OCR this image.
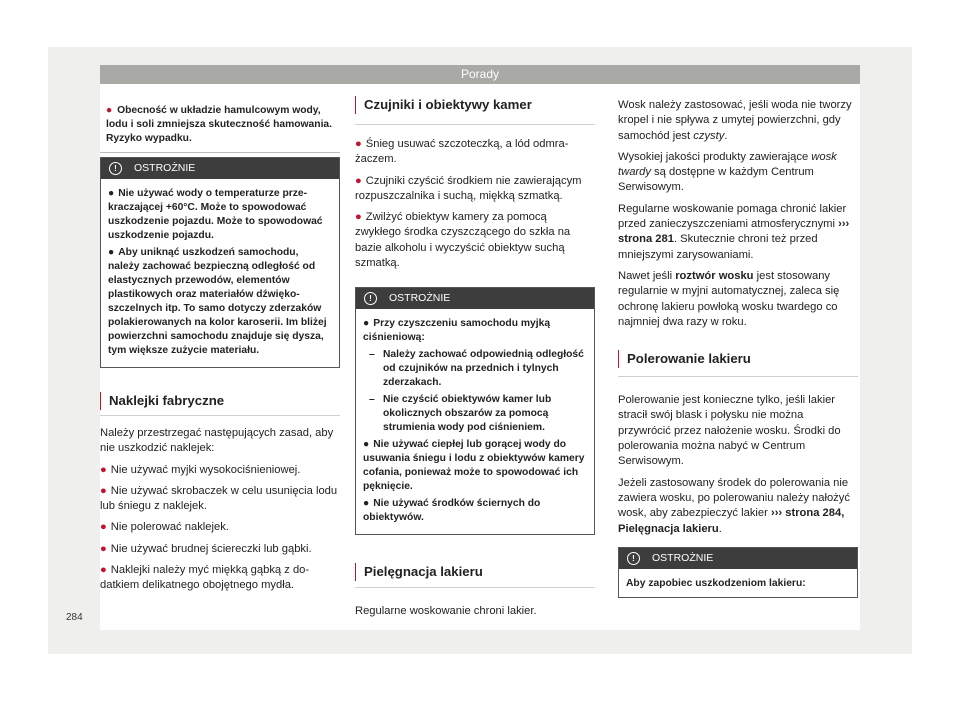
Porady

● Obecność w układzie hamulcowym wody, lodu i soli zmniejsza skuteczność hamowania. Ryzyko wypadku.

!	OSTROŻNIE
● Nie używać wody o temperaturze przekraczającej +60°C. Może to spowodować uszkodzenie pojazdu. Może to spowodować uszkodzenie pojazdu.
● Aby uniknąć uszkodzeń samochodu, należy zachować bezpieczną odległość od elastycznych przewodów, elementów plastikowych oraz materiałów dźwiękoszczelnych itp. To samo dotyczy zderzaków polakierowanych na kolor karoserii. Im bliżej powierzchni samochodu znajduje się dysza, tym większe zużycie materiału.
Naklejki fabryczne

Należy przestrzegać następujących zasad, aby nie uszkodzić naklejek:

● Nie używać myjki wysokociśnieniowej.
● Nie używać skrobaczek w celu usunięcia lodu lub śniegu z naklejek.
● Nie polerować naklejek.
● Nie używać brudnej ściereczki lub gąbki.
● Naklejki należy myć miękką gąbką z dodatkiem delikatnego obojętnego mydła.
Czujniki i obiektywy kamer
● Śnieg usuwać szczoteczką, a lód odmrażaczem.
● Czujniki czyścić środkiem nie zawierającym rozpuszczalnika i suchą, miękką szmatką.
● Zwilżyć obiektyw kamery za pomocą zwykłego środka czyszczącego do szkła na bazie alkoholu i wyczyścić obiektyw suchą szmatką.
!	OSTROŻNIE
● Przy czyszczeniu samochodu myjką ciśnieniową:
– Należy zachować odpowiednią odległość od czujników na przednich i tylnych zderzakach.
– Nie czyścić obiektywów kamer lub okolicznych obszarów za pomocą strumienia wody pod ciśnieniem.
● Nie używać ciepłej lub gorącej wody do usuwania śniegu i lodu z obiektywów kamery cofania, ponieważ może to spowodować ich pęknięcie.
● Nie używać środków ściernych do obiektywów.
Pielęgnacja lakieru

Regularne woskowanie chroni lakier.

Wosk należy zastosować, jeśli woda nie tworzy kropel i nie spływa z umytej powierzchni, gdy samochód jest czysty.

Wysokiej jakości produkty zawierające wosk twardy są dostępne w każdym Centrum Serwisowym.

Regularne woskowanie pomaga chronić lakier przed zanieczyszczeniami atmosferycznymi ››› strona 281. Skutecznie chroni też przed mniejszymi zarysowaniami.

Nawet jeśli roztwór wosku jest stosowany regularnie w myjni automatycznej, zaleca się ochronę lakieru powłoką wosku twardego co najmniej dwa razy w roku.

Polerowanie lakieru

Polerowanie jest konieczne tylko, jeśli lakier stracił swój blask i połysku nie można przywrócić przez nałożenie wosku. Środki do polerowania można nabyć w Centrum Serwisowym.

Jeżeli zastosowany środek do polerowania nie zawiera wosku, po polerowaniu należy nałożyć wosk, aby zabezpieczyć lakier ››› strona 284, Pielęgnacja lakieru.

!	OSTROŻNIE
Aby zapobiec uszkodzeniom lakieru:
284
